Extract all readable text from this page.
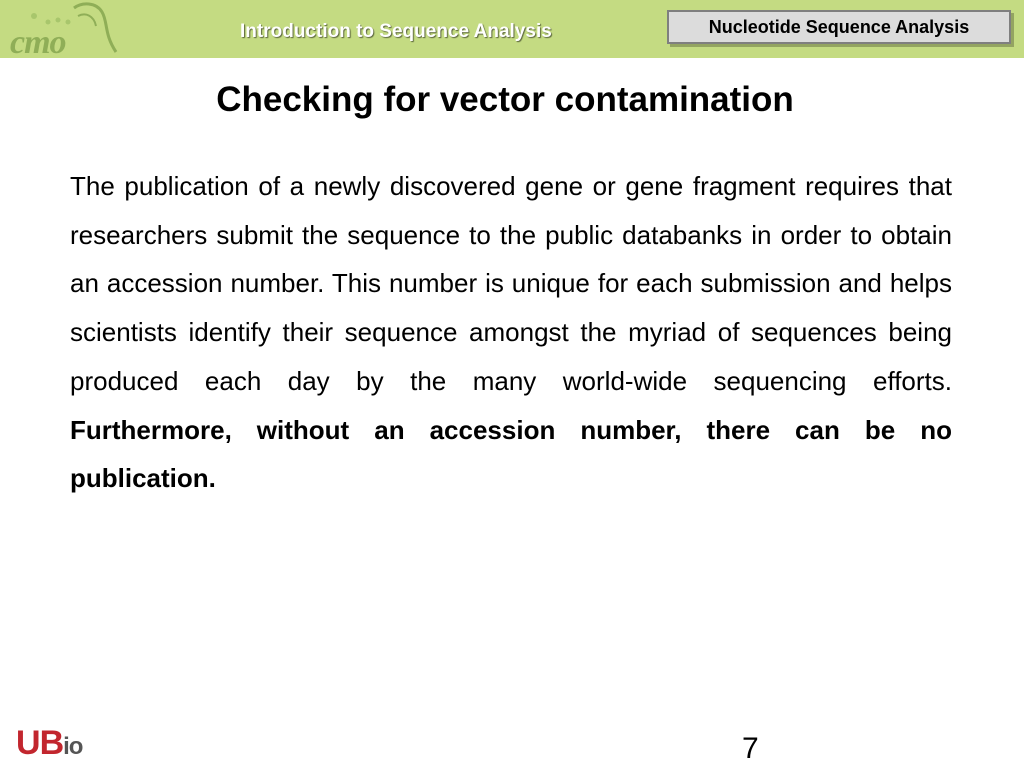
cmo	Introduction to Sequence Analysis	Nucleotide Sequence Analysis
Checking for vector contamination

The publication of a newly discovered gene or gene fragment requires that researchers submit the sequence to the public databanks in order to obtain an accession number. This number is unique for each submission and helps scientists identify their sequence amongst the myriad of sequences being produced each day by the many world-wide sequencing efforts. Furthermore, without an accession number, there can be no publication.

UBio	7
